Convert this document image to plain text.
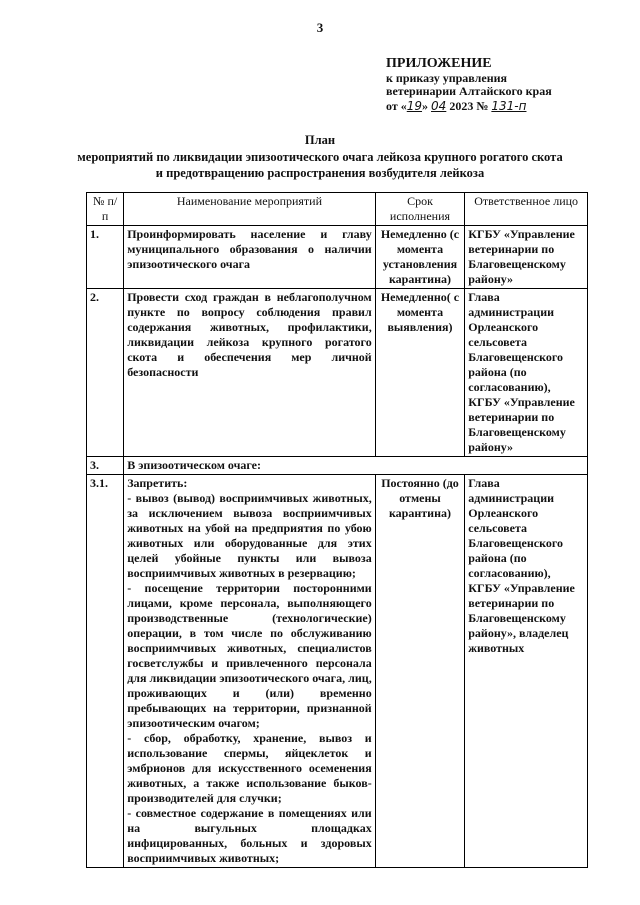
3
ПРИЛОЖЕНИЕ
к приказу управления
ветеринарии Алтайского края
от «19» 04 2023 № 131-п
План
мероприятий по ликвидации эпизоотического очага лейкоза крупного рогатого скота
и предотвращению распространения возбудителя лейкоза
№ п/п	Наименование мероприятий	Срок исполнения	Ответственное лицо
1.	Проинформировать население и главу муниципального образования о наличии эпизоотического очага	Немедленно (с момента установления карантина)	КГБУ «Управление ветеринарии по Благовещенскому району»
2.	Провести сход граждан в неблагополучном пункте по вопросу соблюдения правил содержания животных, профилактики, ликвидации лейкоза крупного рогатого скота и обеспечения мер личной безопасности	Немедленно( с момента выявления)	Глава администрации Орлеанского сельсовета Благовещенского района (по согласованию), КГБУ «Управление ветеринарии по Благовещенскому району»
3.	В эпизоотическом очаге:		
3.1.	Запретить:
- вывоз (вывод) восприимчивых животных, за исключением вывоза восприимчивых животных на убой на предприятия по убою животных или оборудованные для этих целей убойные пункты или вывоза восприимчивых животных в резервацию;
- посещение территории посторонними лицами, кроме персонала, выполняющего производственные (технологические) операции, в том числе по обслуживанию восприимчивых животных, специалистов госветслужбы и привлеченного персонала для ликвидации эпизоотического очага, лиц, проживающих и (или) временно пребывающих на территории, признанной эпизоотическим очагом;
- сбор, обработку, хранение, вывоз и использование спермы, яйцеклеток и эмбрионов для искусственного осеменения животных, а также использование быков-производителей для случки;
- совместное содержание в помещениях или на выгульных площадках инфицированных, больных и здоровых восприимчивых животных;	Постоянно (до отмены карантина)	Глава администрации Орлеанского сельсовета Благовещенского района (по согласованию), КГБУ «Управление ветеринарии по Благовещенскому району», владелец животных
